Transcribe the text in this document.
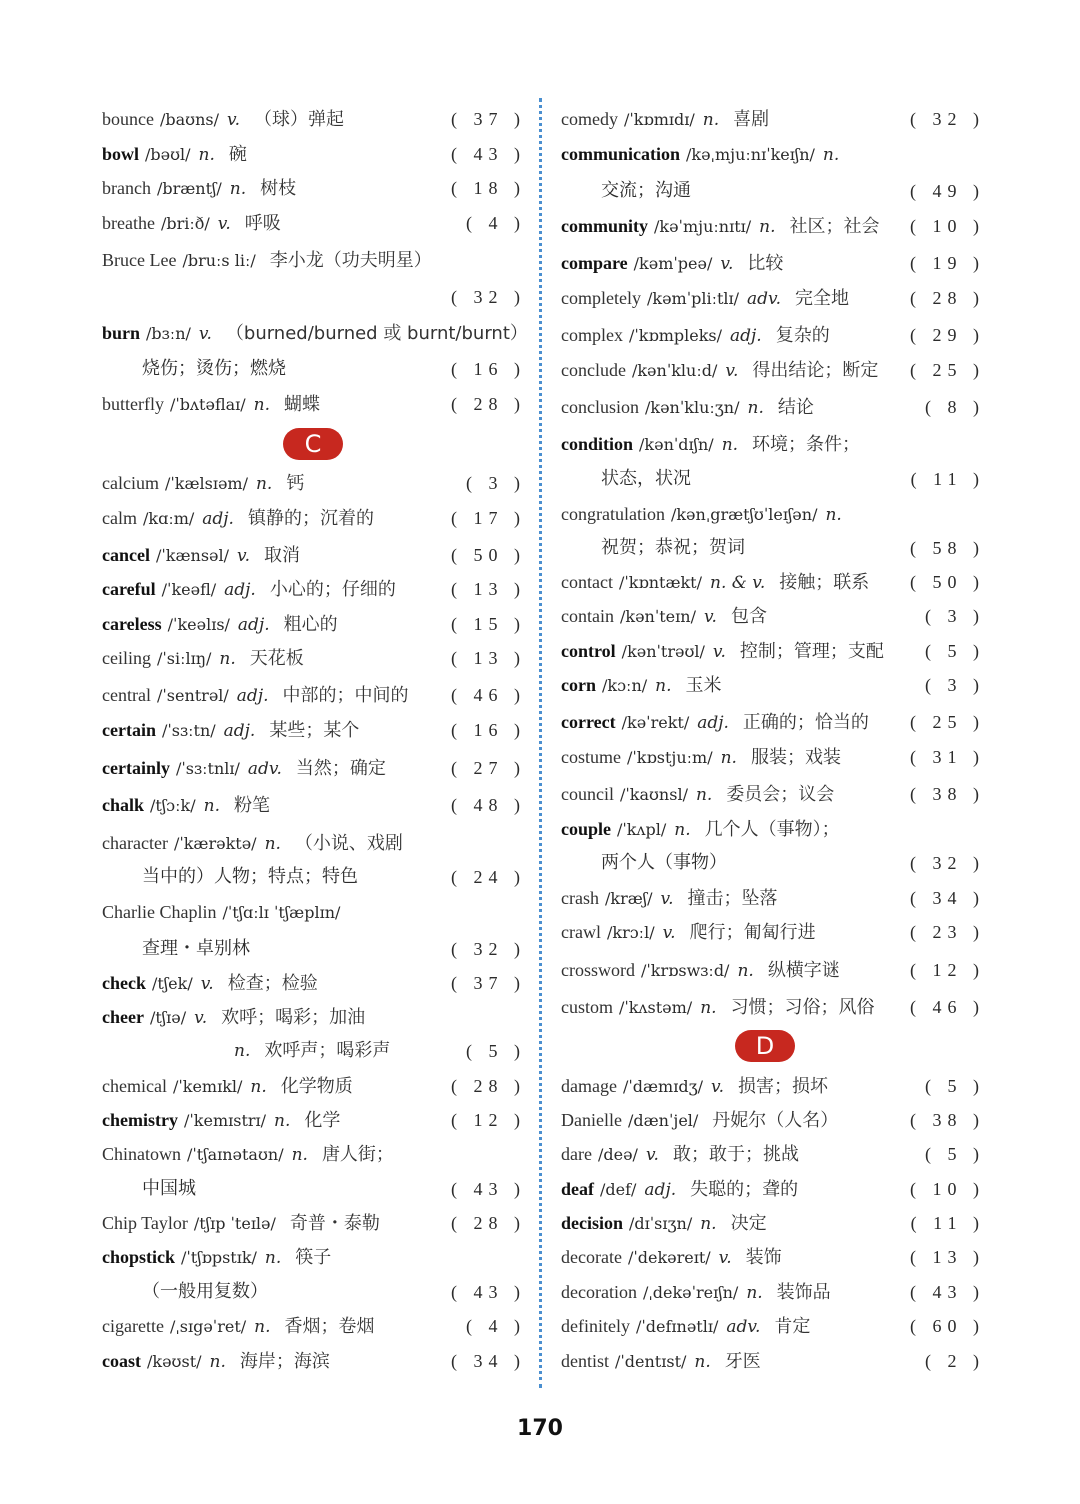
bounce /baʊns/ v. （球）弹起	( 37 )
bowl /bəʊl/ n. 碗	( 43 )
branch /bræntʃ/ n. 树枝	( 18 )
breathe /briːð/ v. 呼吸	( 4 )
Bruce Lee /bruːs liː/ 李小龙（功夫明星）
( 32 )
burn /bɜːn/ v. （burned/burned 或 burnt/burnt）
烧伤；烫伤；燃烧	( 16 )
butterfly /ˈbʌtəflaɪ/ n. 蝴蝶	( 28 )
calcium /ˈkælsɪəm/ n. 钙	( 3 )
calm /kɑːm/ adj. 镇静的；沉着的	( 17 )
cancel /ˈkænsəl/ v. 取消	( 50 )
careful /ˈkeəfl/ adj. 小心的；仔细的	( 13 )
careless /ˈkeəlɪs/ adj. 粗心的	( 15 )
ceiling /ˈsiːlɪŋ/ n. 天花板	( 13 )
central /ˈsentrəl/ adj. 中部的；中间的 ( 46 )
certain /ˈsɜːtn/ adj. 某些；某个	( 16 )
certainly /ˈsɜːtnlɪ/ adv. 当然；确定	( 27 )
chalk /tʃɔːk/ n. 粉笔	( 48 )
character /ˈkærəktə/ n. （小说、戏剧
当中的）人物；特点；特色	( 24 )
Charlie Chaplin /ˈtʃɑːlɪ ˈtʃæplɪn/
查理・卓别林	( 32 )
check /tʃek/ v. 检查；检验	( 37 )
cheer /tʃɪə/ v. 欢呼；喝彩；加油
n. 欢呼声；喝彩声	( 5 )
chemical /ˈkemɪkl/ n. 化学物质	( 28 )
chemistry /ˈkemɪstrɪ/ n. 化学	( 12 )
Chinatown /ˈtʃaɪnətaʊn/ n. 唐人街；
中国城	( 43 )
Chip Taylor /tʃɪp ˈteɪlə/ 奇普・泰勒	( 28 )
chopstick /ˈtʃɒpstɪk/ n. 筷子
（一般用复数）	( 43 )
cigarette /ˌsɪgəˈret/ n. 香烟；卷烟	( 4 )
coast /kəʊst/ n. 海岸；海滨	( 34 )
comedy /ˈkɒmɪdɪ/ n. 喜剧	( 32 )
communication /kəˌmjuːnɪˈkeɪʃn/ n.
交流；沟通	( 49 )
community /kəˈmjuːnɪtɪ/ n. 社区；社会 ( 10 )
compare /kəmˈpeə/ v. 比较	( 19 )
completely /kəmˈpliːtlɪ/ adv. 完全地	( 28 )
complex /ˈkɒmpleks/ adj. 复杂的	( 29 )
conclude /kənˈkluːd/ v. 得出结论；断定 ( 25 )
conclusion /kənˈkluːʒn/ n. 结论	( 8 )
condition /kənˈdɪʃn/ n. 环境；条件；
状态，状况	( 11 )
congratulation /kənˌgrætʃʊˈleɪʃən/ n.
祝贺；恭祝；贺词	( 58 )
contact /ˈkɒntækt/ n. & v. 接触；联系 ( 50 )
contain /kənˈteɪn/ v. 包含	( 3 )
control /kənˈtrəʊl/ v. 控制；管理；支配 ( 5 )
corn /kɔːn/ n. 玉米	( 3 )
correct /kəˈrekt/ adj. 正确的；恰当的 ( 25 )
costume /ˈkɒstjuːm/ n. 服装；戏装	( 31 )
council /ˈkaʊnsl/ n. 委员会；议会	( 38 )
couple /ˈkʌpl/ n. 几个人（事物）；
两个人（事物）	( 32 )
crash /kræʃ/ v. 撞击；坠落	( 34 )
crawl /krɔːl/ v. 爬行；匍匐行进	( 23 )
crossword /ˈkrɒswɜːd/ n. 纵横字谜	( 12 )
custom /ˈkʌstəm/ n. 习惯；习俗；风俗 ( 46 )
damage /ˈdæmɪdʒ/ v. 损害；损坏	( 5 )
Danielle /dænˈjel/ 丹妮尔（人名）	( 38 )
dare /deə/ v. 敢；敢于；挑战	( 5 )
deaf /def/ adj. 失聪的；聋的	( 10 )
decision /dɪˈsɪʒn/ n. 决定	( 11 )
decorate /ˈdekəreɪt/ v. 装饰	( 13 )
decoration /ˌdekəˈreɪʃn/ n. 装饰品	( 43 )
definitely /ˈdefɪnətlɪ/ adv. 肯定	( 60 )
dentist /ˈdentɪst/ n. 牙医	( 2 )
C
D
170
